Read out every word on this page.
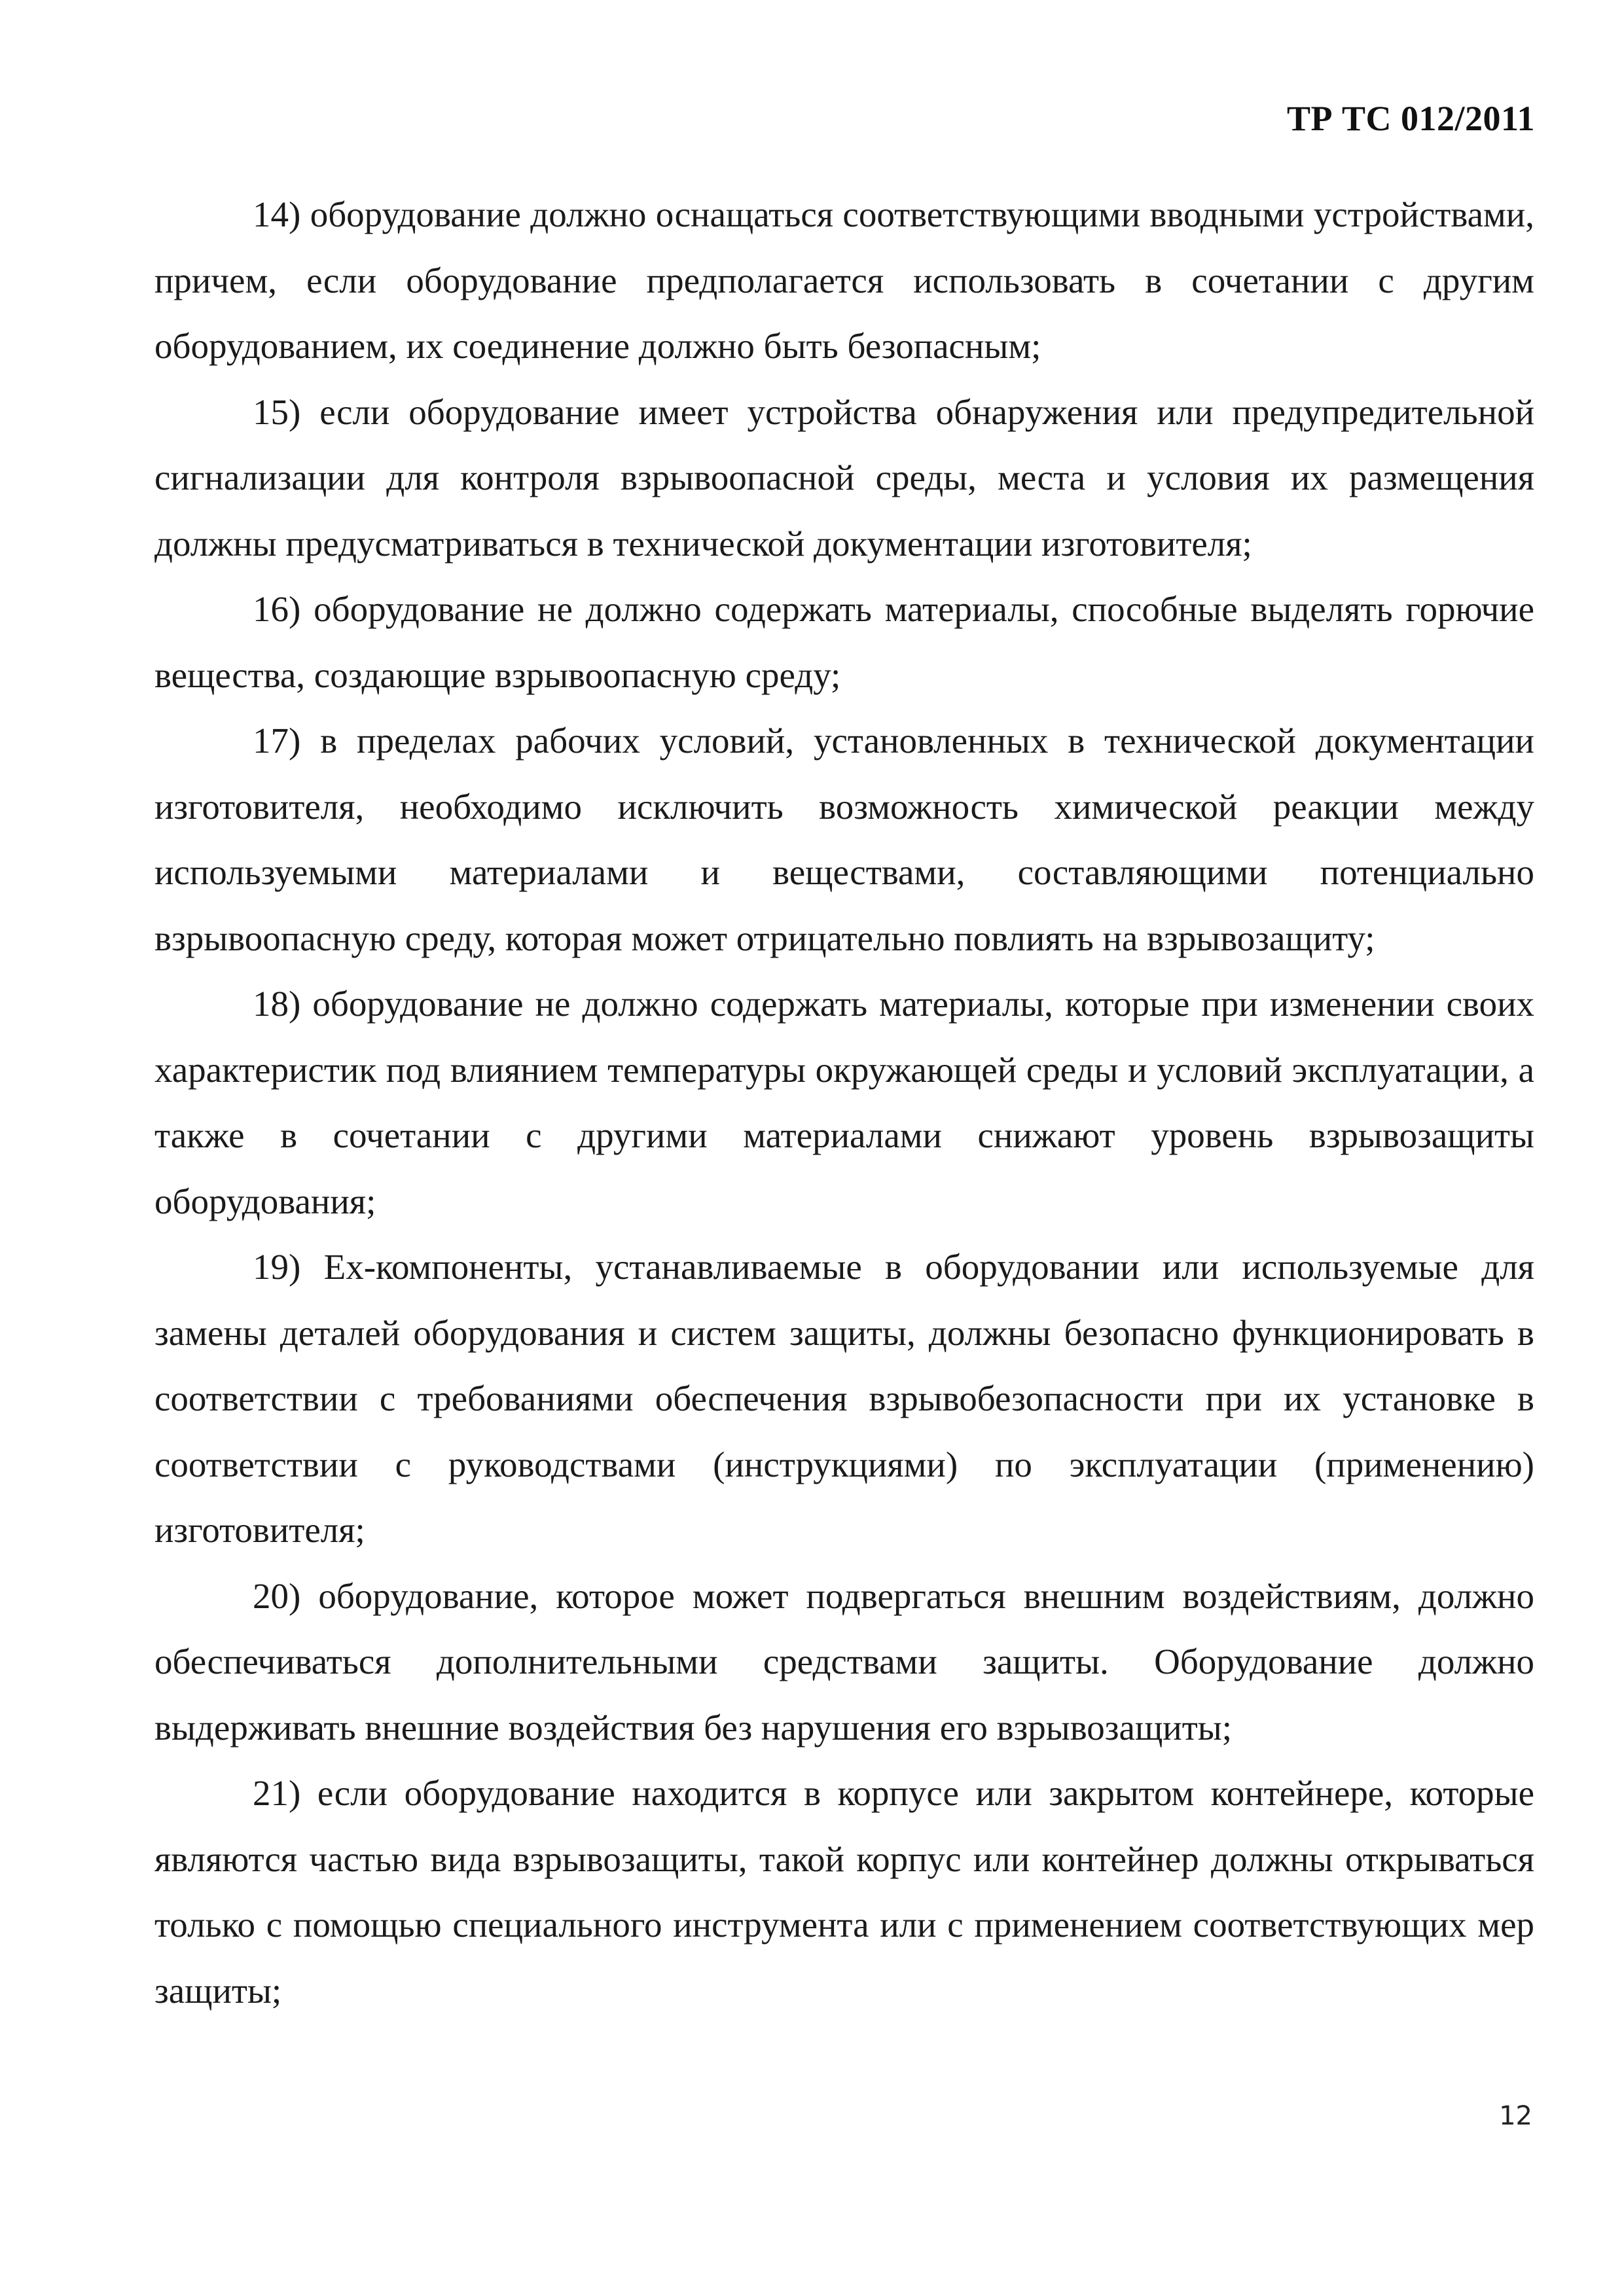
ТР ТС 012/2011

14) оборудование должно оснащаться соответствующими вводными устройствами, причем, если оборудование предполагается использовать в сочетании с другим оборудованием, их соединение должно быть безопасным;

15) если оборудование имеет устройства обнаружения или предупредительной сигнализации для контроля взрывоопасной среды, места и условия их размещения должны предусматриваться в технической документации изготовителя;

16) оборудование не должно содержать материалы, способные выделять горючие вещества, создающие взрывоопасную среду;

17) в пределах рабочих условий, установленных в технической документации изготовителя, необходимо исключить возможность химической реакции между используемыми материалами и веществами, составляющими потенциально взрывоопасную среду, которая может отрицательно повлиять на взрывозащиту;

18) оборудование не должно содержать материалы, которые при изменении своих характеристик под влиянием температуры окружающей среды и условий эксплуатации, а также в сочетании с другими материалами снижают уровень взрывозащиты оборудования;

19) Ex-компоненты, устанавливаемые в оборудовании или используемые для замены деталей оборудования и систем защиты, должны безопасно функционировать в соответствии с требованиями обеспечения взрывобезопасности при их установке в соответствии с руководствами (инструкциями) по эксплуатации (применению) изготовителя;

20) оборудование, которое может подвергаться внешним воздействиям, должно обеспечиваться дополнительными средствами защиты. Оборудование должно выдерживать внешние воздействия без нарушения его взрывозащиты;

21) если оборудование находится в корпусе или закрытом контейнере, которые являются частью вида взрывозащиты, такой корпус или контейнер должны открываться только с помощью специального инструмента или с применением соответствующих мер защиты;

12
